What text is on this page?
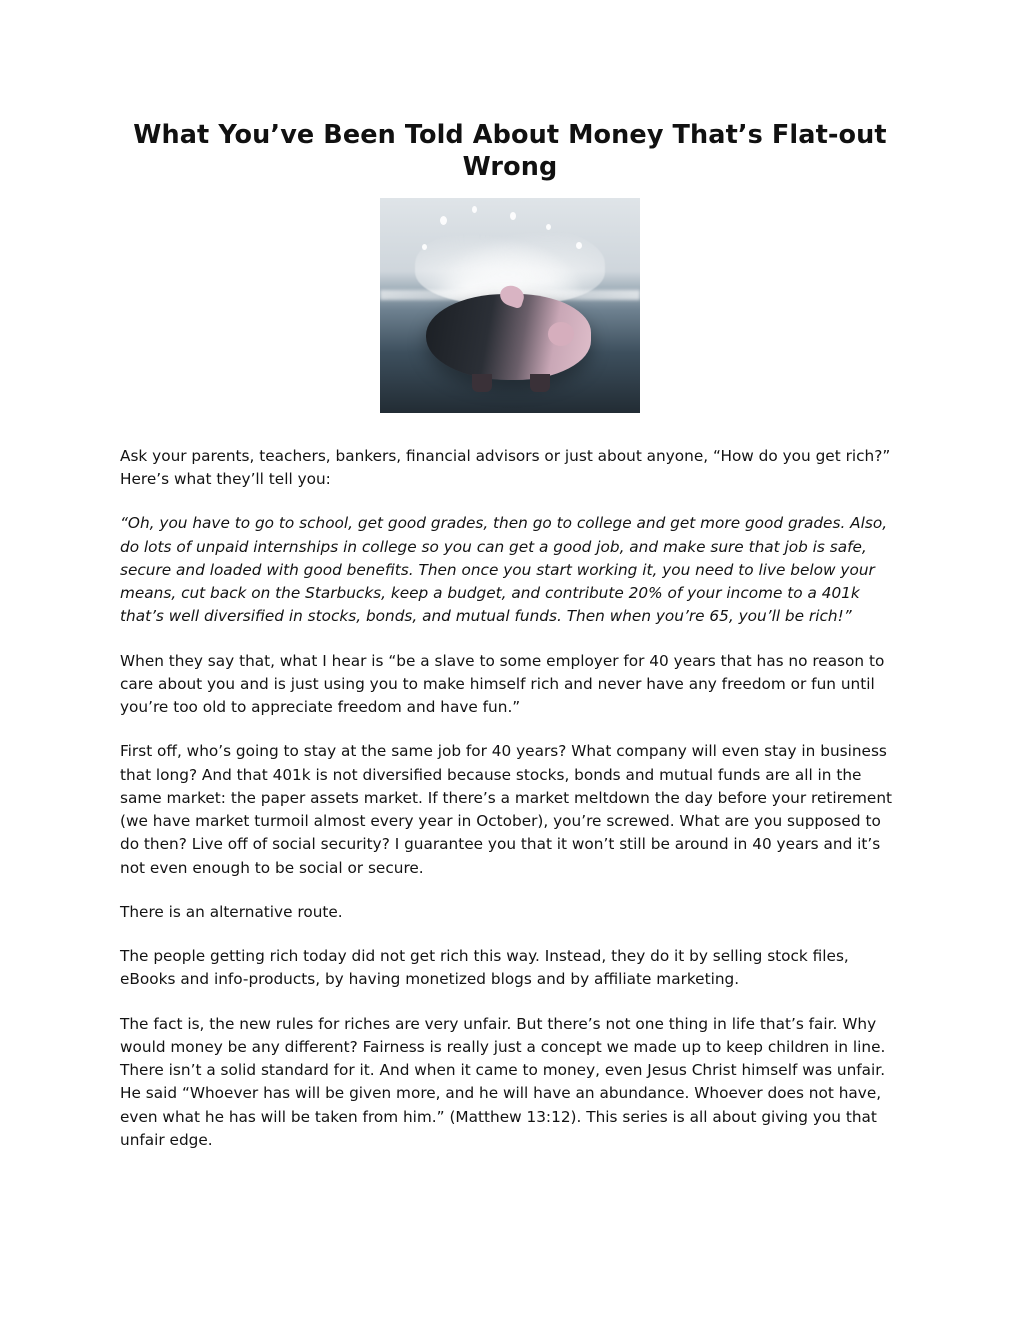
What You’ve Been Told About Money That’s Flat-out Wrong

Ask your parents, teachers, bankers, financial advisors or just about anyone, “How do you get rich?” Here’s what they’ll tell you:

“Oh, you have to go to school, get good grades, then go to college and get more good grades. Also, do lots of unpaid internships in college so you can get a good job, and make sure that job is safe, secure and loaded with good benefits. Then once you start working it, you need to live below your means, cut back on the Starbucks, keep a budget, and contribute 20% of your income to a 401k that’s well diversified in stocks, bonds, and mutual funds. Then when you’re 65, you’ll be rich!”

When they say that, what I hear is “be a slave to some employer for 40 years that has no reason to care about you and is just using you to make himself rich and never have any freedom or fun until you’re too old to appreciate freedom and have fun.”

First off, who’s going to stay at the same job for 40 years? What company will even stay in business that long? And that 401k is not diversified because stocks, bonds and mutual funds are all in the same market: the paper assets market. If there’s a market meltdown the day before your retirement (we have market turmoil almost every year in October), you’re screwed. What are you supposed to do then? Live off of social security? I guarantee you that it won’t still be around in 40 years and it’s not even enough to be social or secure.

There is an alternative route.

The people getting rich today did not get rich this way. Instead, they do it by selling stock files, eBooks and info-products, by having monetized blogs and by affiliate marketing.

The fact is, the new rules for riches are very unfair. But there’s not one thing in life that’s fair. Why would money be any different? Fairness is really just a concept we made up to keep children in line. There isn’t a solid standard for it. And when it came to money, even Jesus Christ himself was unfair. He said “Whoever has will be given more, and he will have an abundance. Whoever does not have, even what he has will be taken from him.” (Matthew 13:12). This series is all about giving you that unfair edge.
